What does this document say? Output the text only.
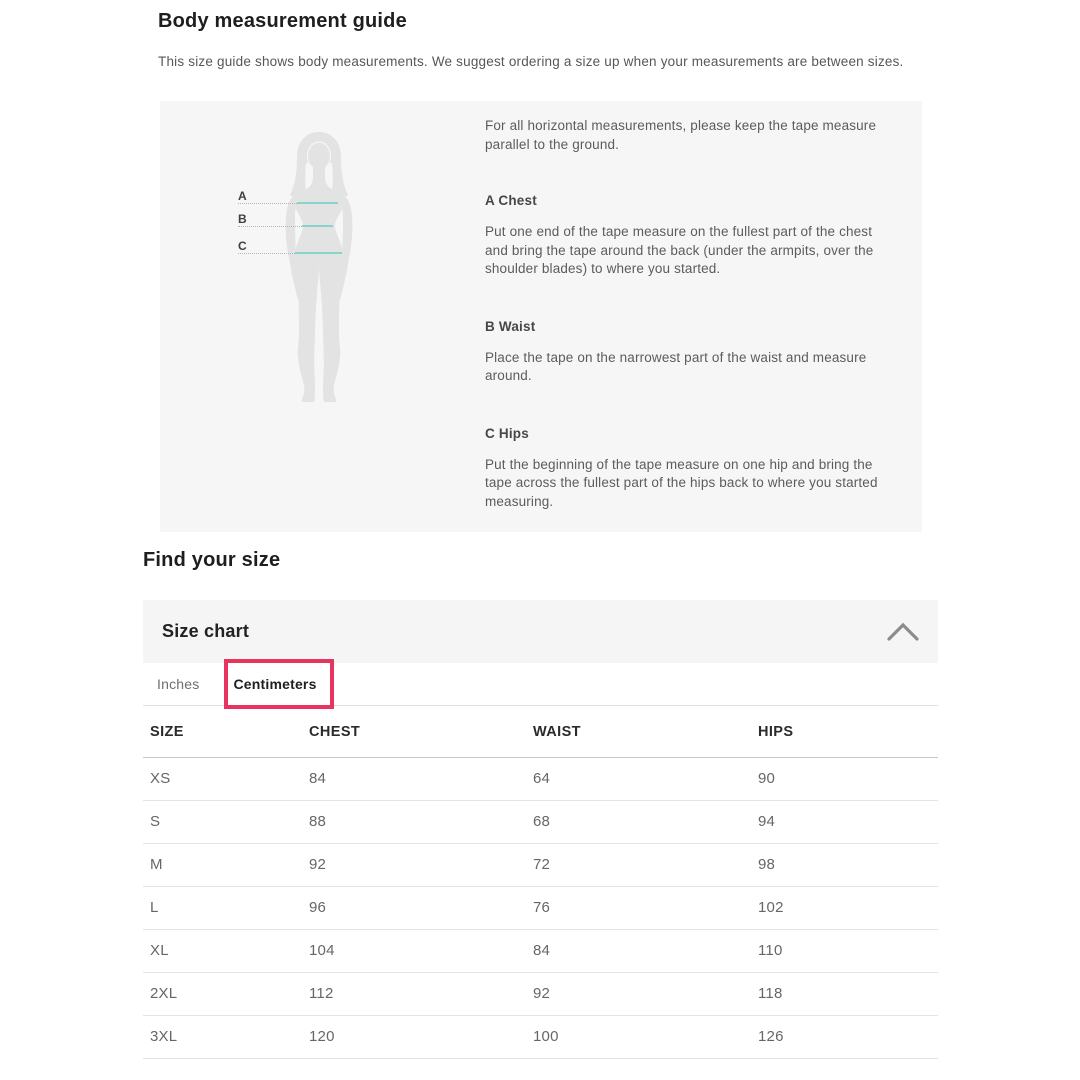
Body measurement guide

This size guide shows body measurements. We suggest ordering a size up when your measurements are between sizes.

A
B
C

For all horizontal measurements, please keep the tape measure parallel to the ground.

A Chest

Put one end of the tape measure on the fullest part of the chest and bring the tape around the back (under the armpits, over the shoulder blades) to where you started.

B Waist

Place the tape on the narrowest part of the waist and measure around.

C Hips

Put the beginning of the tape measure on one hip and bring the tape across the fullest part of the hips back to where you started measuring.

Find your size
Size chart
Inches Centimeters
SIZE	CHEST	WAIST	HIPS
XS	84	64	90
S	88	68	94
M	92	72	98
L	96	76	102
XL	104	84	110
2XL	112	92	118
3XL	120	100	126
